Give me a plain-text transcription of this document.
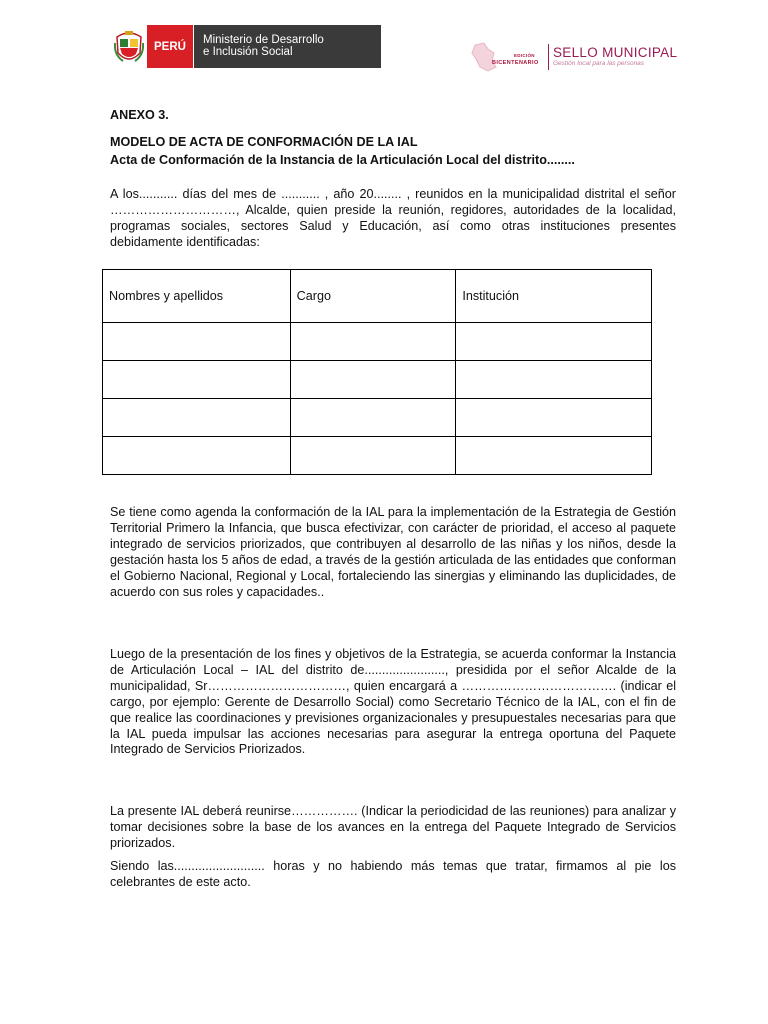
PERÚ
Ministerio de Desarrollo
e Inclusión Social	EDICIÓN
BICENTENARIO
SELLO MUNICIPAL
Gestión local para las personas
ANEXO 3.
MODELO DE ACTA DE CONFORMACIÓN DE LA IAL
Acta de Conformación de la Instancia de la Articulación Local del distrito........

A los........... días del mes de ........... , año 20........ , reunidos en la municipalidad distrital el señor …………………………, Alcalde, quien preside la reunión, regidores, autoridades de la localidad, programas sociales, sectores Salud y Educación, así como otras instituciones presentes debidamente identificadas:

Nombres y apellidos	Cargo	Institución

Se tiene como agenda la conformación de la IAL para la implementación de la Estrategia de Gestión Territorial Primero la Infancia, que busca efectivizar, con carácter de prioridad, el acceso al paquete integrado de servicios priorizados, que contribuyen al desarrollo de las niñas y los niños, desde la gestación hasta los 5 años de edad, a través de la gestión articulada de las entidades que conforman el Gobierno Nacional, Regional y Local, fortaleciendo las sinergias y eliminando las duplicidades, de acuerdo con sus roles y capacidades..

Luego de la presentación de los fines y objetivos de la Estrategia, se acuerda conformar la Instancia de Articulación Local – IAL del distrito de......................., presidida por el señor Alcalde de la municipalidad, Sr……………………………, quien encargará a ………………………………. (indicar el cargo, por ejemplo: Gerente de Desarrollo Social) como Secretario Técnico de la IAL, con el fin de que realice las coordinaciones y previsiones organizacionales y presupuestales necesarias para que la IAL pueda impulsar las acciones necesarias para asegurar la entrega oportuna del Paquete Integrado de Servicios Priorizados.

La presente IAL deberá reunirse……………. (Indicar la periodicidad de las reuniones) para analizar y tomar decisiones sobre la base de los avances en la entrega del Paquete Integrado de Servicios priorizados.

Siendo las.......................... horas y no habiendo más temas que tratar, firmamos al pie los celebrantes de este acto.
